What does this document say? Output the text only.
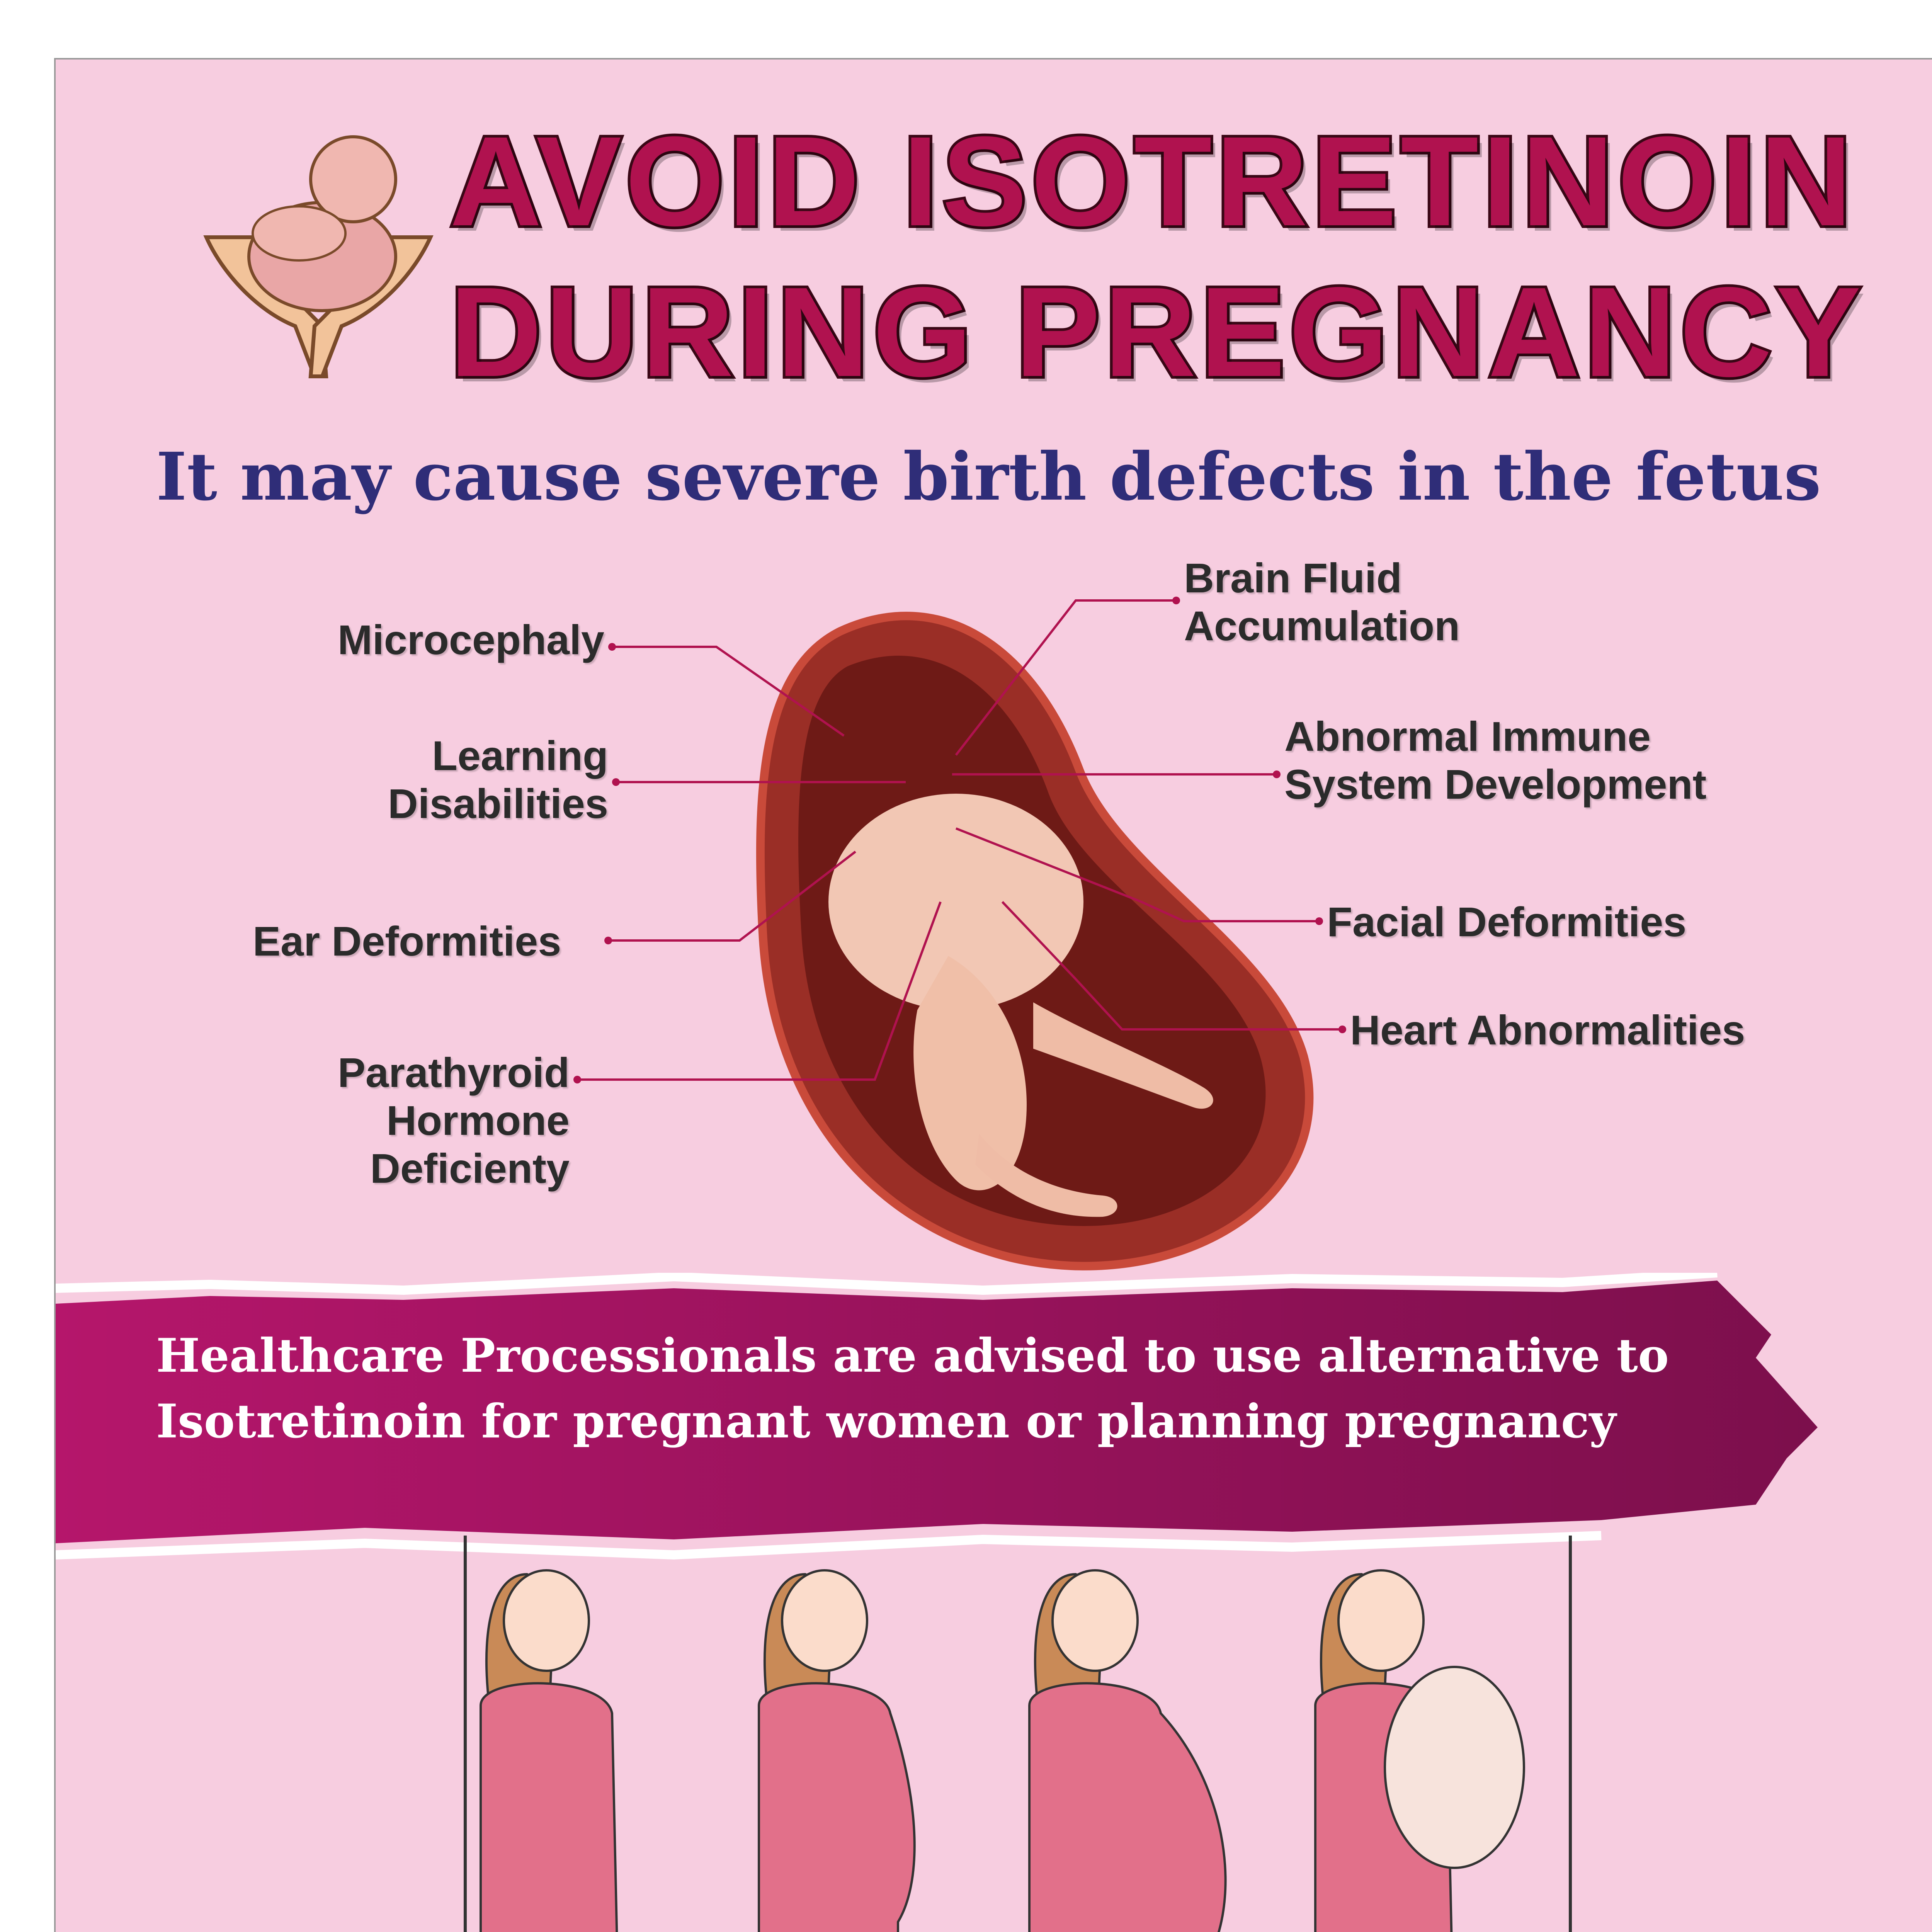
AVOID ISOTRETINOIN
DURING PREGNANCY
It may cause severe birth defects in the fetus
Microcephaly
Learning
Disabilities
Ear Deformities
Parathyroid
Hormone
Deficienty
Brain Fluid
Accumulation
Abnormal Immune
System Development
Facial Deformities
Heart Abnormalities
Healthcare Processionals are advised to use alternative to
Isotretinoin for pregnant women or planning pregnancy
